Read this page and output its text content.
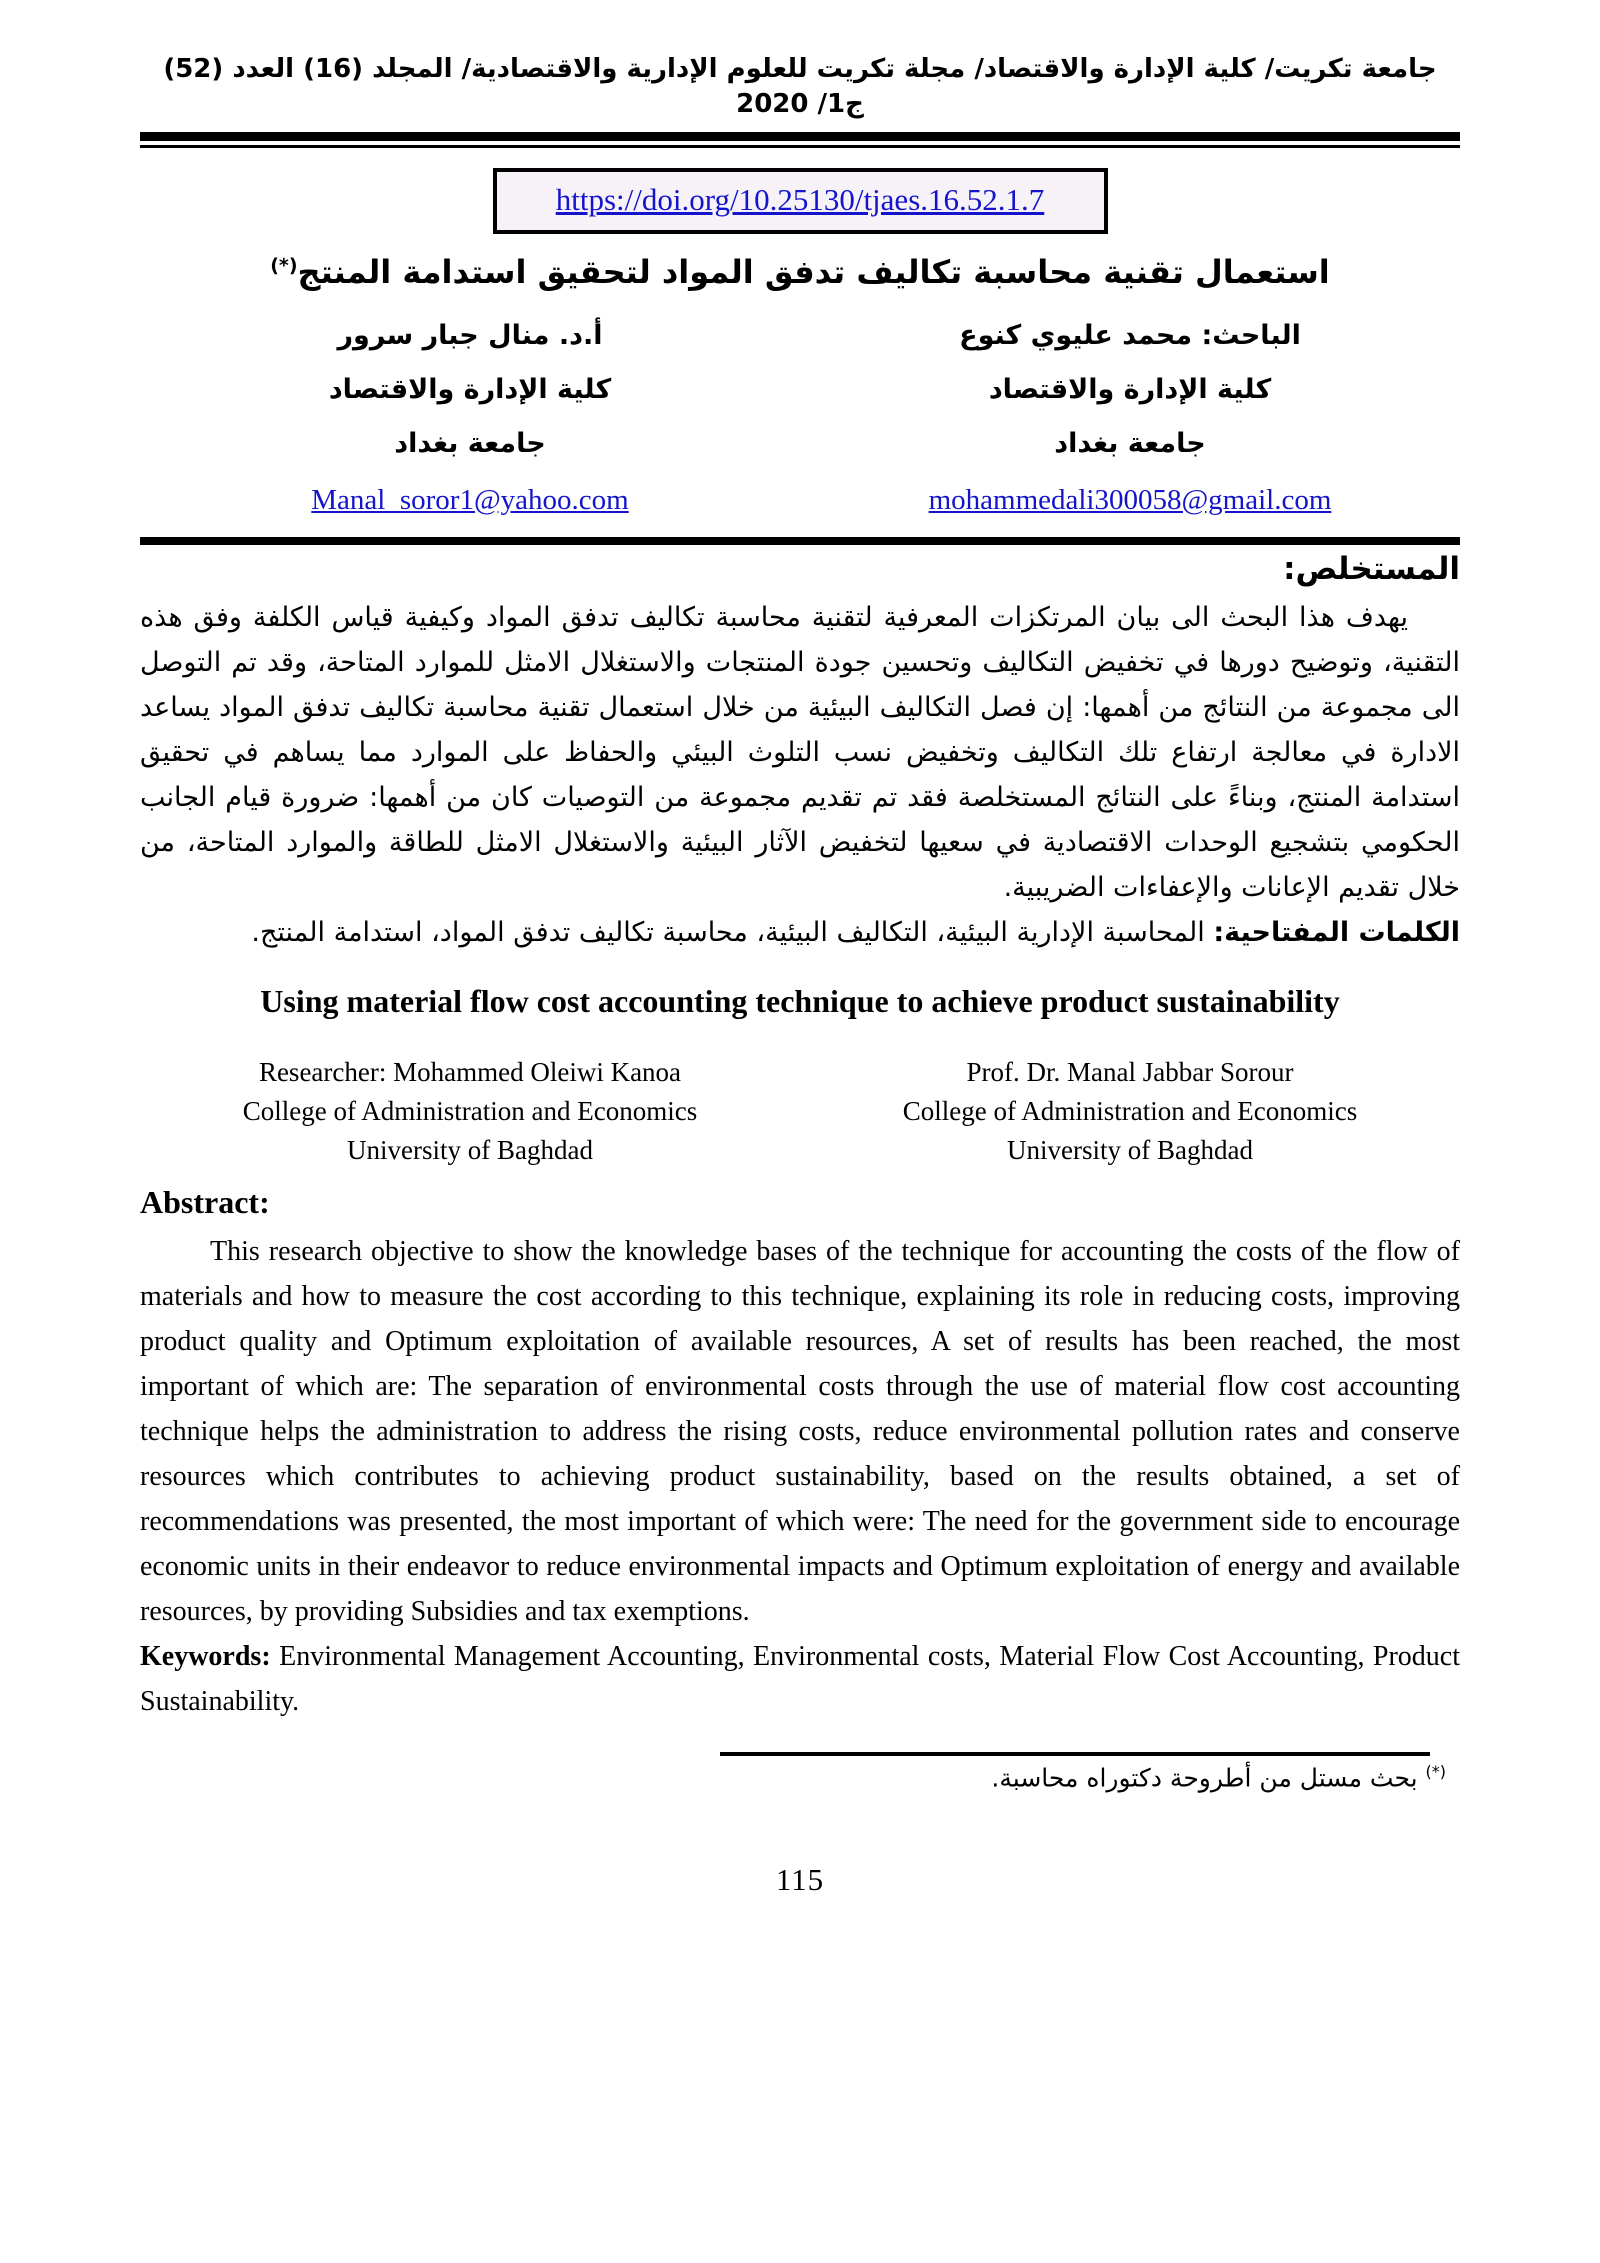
جامعة تكريت/ كلية الإدارة والاقتصاد/ مجلة تكريت للعلوم الإدارية والاقتصادية/ المجلد (16) العدد (52) ج1/ 2020
https://doi.org/10.25130/tjaes.16.52.1.7
استعمال تقنية محاسبة تكاليف تدفق المواد لتحقيق استدامة المنتج(*)
الباحث: محمد عليوي كنوع
كلية الإدارة والاقتصاد
جامعة بغداد
mohammedali300058@gmail.com
أ.د. منال جبار سرور
كلية الإدارة والاقتصاد
جامعة بغداد
Manal_soror1@yahoo.com
المستخلص:
يهدف هذا البحث الى بيان المرتكزات المعرفية لتقنية محاسبة تكاليف تدفق المواد وكيفية قياس الكلفة وفق هذه التقنية، وتوضيح دورها في تخفيض التكاليف وتحسين جودة المنتجات والاستغلال الامثل للموارد المتاحة، وقد تم التوصل الى مجموعة من النتائج من أهمها: إن فصل التكاليف البيئية من خلال استعمال تقنية محاسبة تكاليف تدفق المواد يساعد الادارة في معالجة ارتفاع تلك التكاليف وتخفيض نسب التلوث البيئي والحفاظ على الموارد مما يساهم في تحقيق استدامة المنتج، وبناءً على النتائج المستخلصة فقد تم تقديم مجموعة من التوصيات كان من أهمها: ضرورة قيام الجانب الحكومي بتشجيع الوحدات الاقتصادية في سعيها لتخفيض الآثار البيئية والاستغلال الامثل للطاقة والموارد المتاحة، من خلال تقديم الإعانات والإعفاءات الضريبية.
الكلمات المفتاحية: المحاسبة الإدارية البيئية، التكاليف البيئية، محاسبة تكاليف تدفق المواد، استدامة المنتج.
Using material flow cost accounting technique to achieve product sustainability
Researcher: Mohammed Oleiwi Kanoa
College of Administration and Economics
University of Baghdad
Prof. Dr. Manal Jabbar Sorour
College of Administration and Economics
University of Baghdad
Abstract:
This research objective to show the knowledge bases of the technique for accounting the costs of the flow of materials and how to measure the cost according to this technique, explaining its role in reducing costs, improving product quality and Optimum exploitation of available resources, A set of results has been reached, the most important of which are: The separation of environmental costs through the use of material flow cost accounting technique helps the administration to address the rising costs, reduce environmental pollution rates and conserve resources which contributes to achieving product sustainability, based on the results obtained, a set of recommendations was presented, the most important of which were: The need for the government side to encourage economic units in their endeavor to reduce environmental impacts and Optimum exploitation of energy and available resources, by providing Subsidies and tax exemptions.
Keywords: Environmental Management Accounting, Environmental costs, Material Flow Cost Accounting, Product Sustainability.
(*) بحث مستل من أطروحة دكتوراه محاسبة.
115
